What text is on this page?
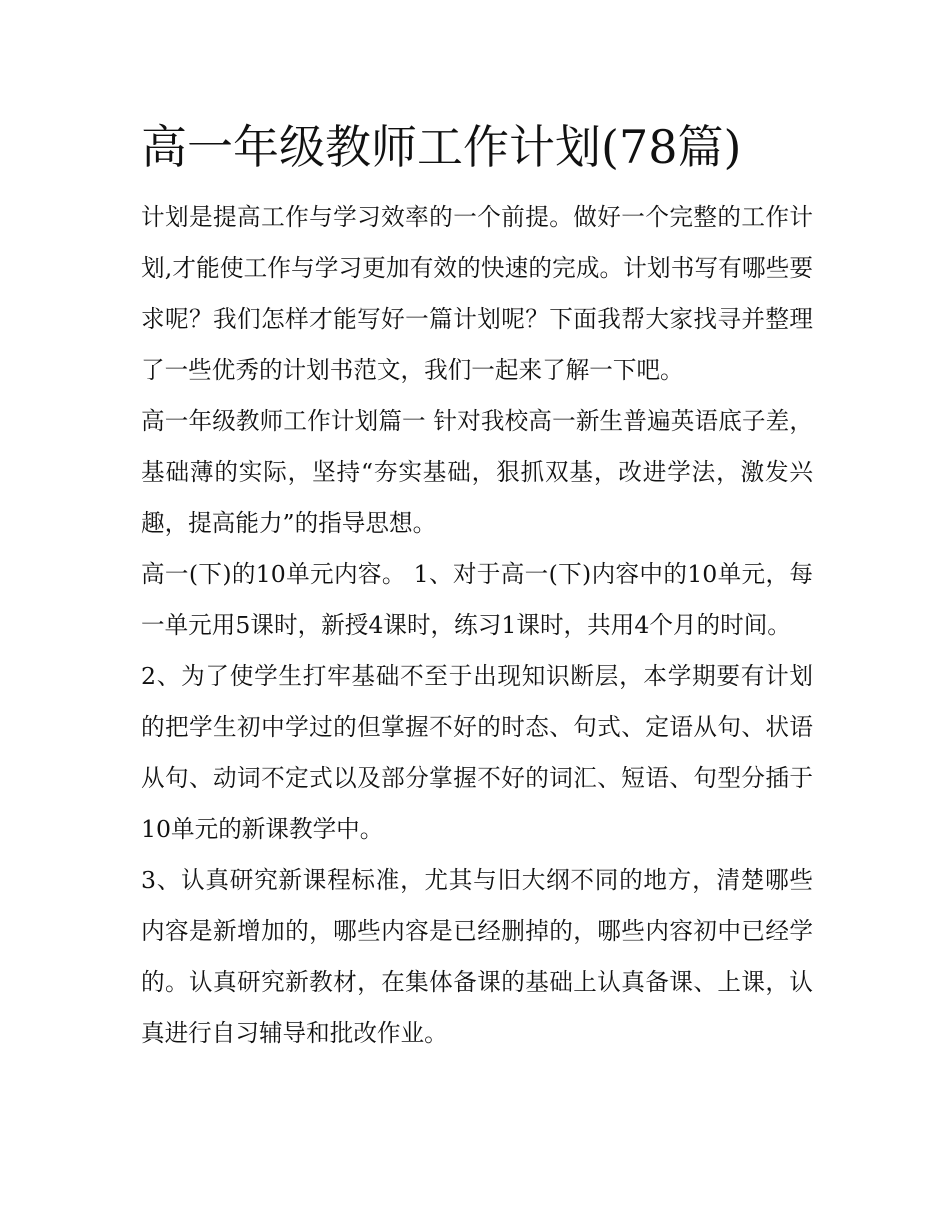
高一年级教师工作计划(78篇)

计划是提高工作与学习效率的一个前提。做好一个完整的工作计划,才能使工作与学习更加有效的快速的完成。计划书写有哪些要求呢？我们怎样才能写好一篇计划呢？下面我帮大家找寻并整理了一些优秀的计划书范文，我们一起来了解一下吧。

高一年级教师工作计划篇一 针对我校高一新生普遍英语底子差，基础薄的实际，坚持“夯实基础，狠抓双基，改进学法，激发兴趣，提高能力”的指导思想。

高一(下)的10单元内容。 1、对于高一(下)内容中的10单元，每一单元用5课时，新授4课时，练习1课时，共用4个月的时间。

2、为了使学生打牢基础不至于出现知识断层，本学期要有计划的把学生初中学过的但掌握不好的时态、句式、定语从句、状语从句、动词不定式以及部分掌握不好的词汇、短语、句型分插于10单元的新课教学中。

3、认真研究新课程标准，尤其与旧大纲不同的地方，清楚哪些内容是新增加的，哪些内容是已经删掉的，哪些内容初中已经学的。认真研究新教材，在集体备课的基础上认真备课、上课，认真进行自习辅导和批改作业。
